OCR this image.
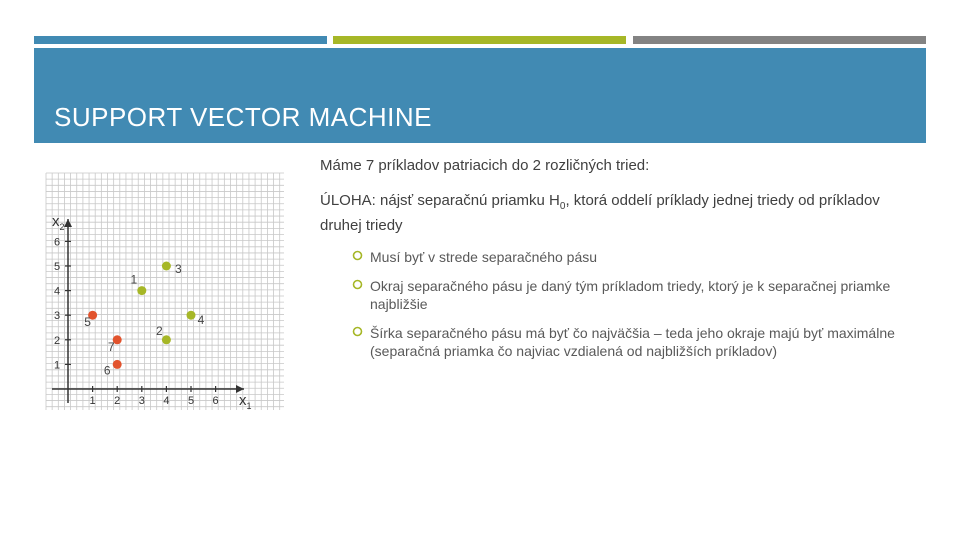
SUPPORT VECTOR MACHINE
1 2 3 4 5 6
1
2
3
4
5
6
$x_1$
$x_2$
1
2
3
4
5
6
7

Máme 7 príkladov patriacich do 2 rozličných tried:

ÚLOHA: nájsť separačnú priamku $H_0$, ktorá oddelí príklady jednej triedy od príkladov druhej triedy

Musí byť v strede separačného pásu
Okraj separačného pásu je daný tým príkladom triedy, ktorý je k separačnej priamke najbližšie
Šírka separačného pásu má byť čo najväčšia – teda jeho okraje majú byť maximálne (separačná priamka čo najviac vzdialená od najbližších príkladov)
